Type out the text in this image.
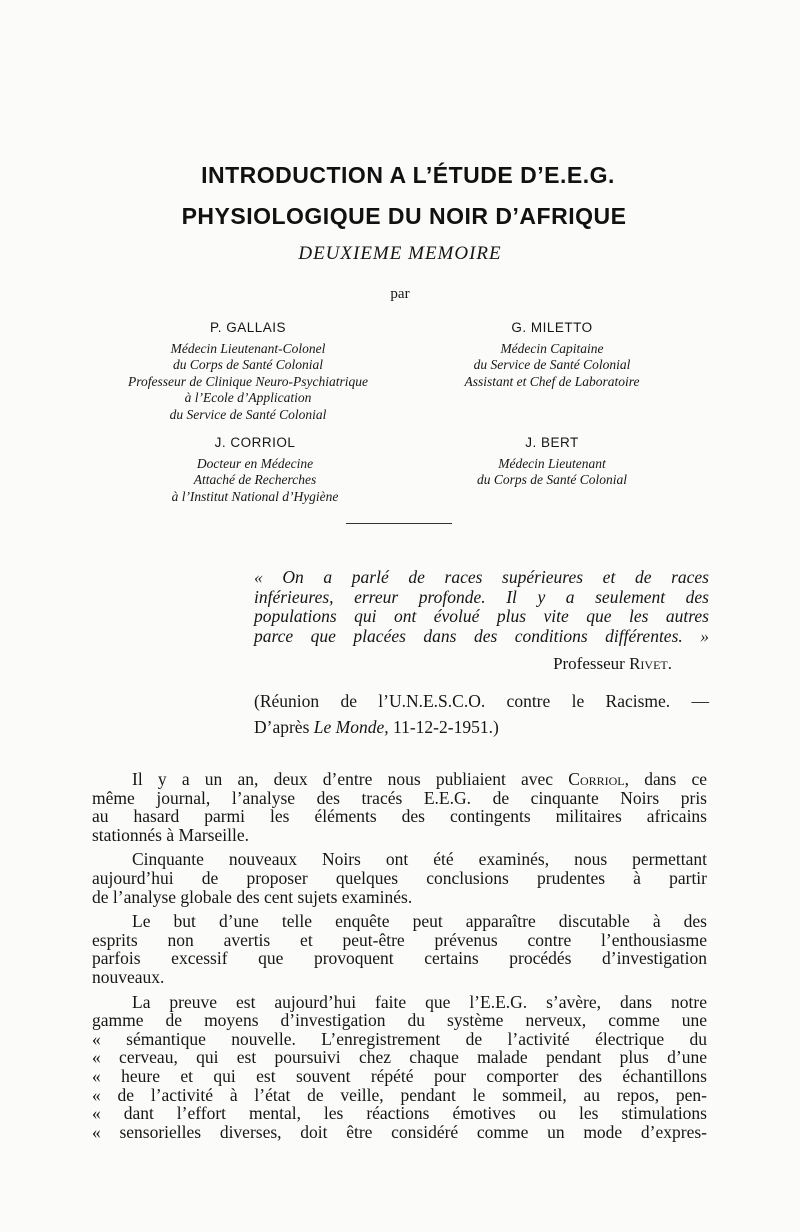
INTRODUCTION A L’ÉTUDE D’E.E.G.
PHYSIOLOGIQUE DU NOIR D’AFRIQUE
DEUXIEME MEMOIRE
par
P. GALLAIS
Médecin Lieutenant-Colonel
du Corps de Santé Colonial
Professeur de Clinique Neuro-Psychiatrique
à l’Ecole d’Application
du Service de Santé Colonial
G. MILETTO
Médecin Capitaine
du Service de Santé Colonial
Assistant et Chef de Laboratoire
J. CORRIOL
Docteur en Médecine
Attaché de Recherches
à l’Institut National d’Hygiène
J. BERT
Médecin Lieutenant
du Corps de Santé Colonial
« On a parlé de races supérieures et de races
inférieures, erreur profonde. Il y a seulement des
populations qui ont évolué plus vite que les autres
parce que placées dans des conditions différentes. »
Professeur Rivet.
(Réunion de l’U.N.E.S.C.O. contre le Racisme. —
D’après Le Monde, 11-12-2-1951.)

Il y a un an, deux d’entre nous publiaient avec Corriol, dans ce
même journal, l’analyse des tracés E.E.G. de cinquante Noirs pris
au hasard parmi les éléments des contingents militaires africains
stationnés à Marseille.

Cinquante nouveaux Noirs ont été examinés, nous permettant
aujourd’hui de proposer quelques conclusions prudentes à partir
de l’analyse globale des cent sujets examinés.

Le but d’une telle enquête peut apparaître discutable à des
esprits non avertis et peut-être prévenus contre l’enthousiasme
parfois excessif que provoquent certains procédés d’investigation
nouveaux.

La preuve est aujourd’hui faite que l’E.E.G. s’avère, dans notre
gamme de moyens d’investigation du système nerveux, comme une
« sémantique nouvelle. L’enregistrement de l’activité électrique du
« cerveau, qui est poursuivi chez chaque malade pendant plus d’une
« heure et qui est souvent répété pour comporter des échantillons
« de l’activité à l’état de veille, pendant le sommeil, au repos, pen-
« dant l’effort mental, les réactions émotives ou les stimulations
« sensorielles diverses, doit être considéré comme un mode d’expres-
